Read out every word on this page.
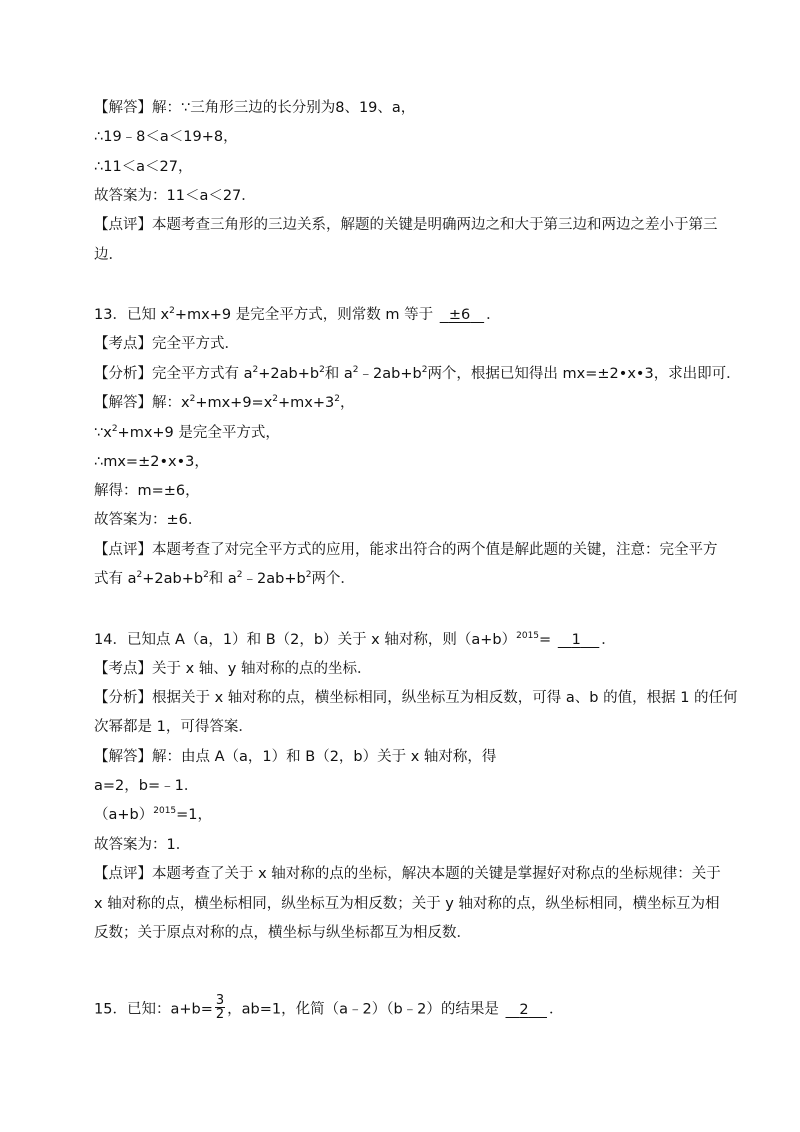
【解答】解：∵三角形三边的长分别为8、19、a，
∴19﹣8＜a＜19+8，
∴11＜a＜27，
故答案为：11＜a＜27．
【点评】本题考查三角形的三边关系，解题的关键是明确两边之和大于第三边和两边之差小于第三
边．
13．已知 $x^2+mx+9$ 是完全平方式，则常数 m 等于 ±6 ．
【考点】完全平方式．
【分析】完全平方式有 $a^2+2ab+b^2$和 $a^2﹣2ab+b^2$两个，根据已知得出 mx=±2•x•3，求出即可．
【解答】解：$x^2+mx+9=x^2+mx+3^2$，
$\because x^2+mx+9$ 是完全平方式，
∴mx=±2•x•3，
解得：m=±6，
故答案为：±6．
【点评】本题考查了对完全平方式的应用，能求出符合的两个值是解此题的关键，注意：完全平方
式有 $a^2+2ab+b^2$和 $a^2﹣2ab+b^2$两个．
14．已知点 A（a，1）和 B（2，b）关于 x 轴对称，则$(a+b)^{2015}= 1$ ．
【考点】关于 x 轴、y 轴对称的点的坐标．
【分析】根据关于 x 轴对称的点，横坐标相同，纵坐标互为相反数，可得 a、b 的值，根据 1 的任何
次幂都是 1，可得答案．
【解答】解：由点 A（a，1）和 B（2，b）关于 x 轴对称，得
a=2，b=﹣1．
$(a+b)^{2015}=1$，
故答案为：1．
【点评】本题考查了关于 x 轴对称的点的坐标，解决本题的关键是掌握好对称点的坐标规律：关于
x 轴对称的点，横坐标相同，纵坐标互为相反数；关于 y 轴对称的点，纵坐标相同，横坐标互为相
反数；关于原点对称的点，横坐标与纵坐标都互为相反数．
15．已知：$a+b= \frac{3}{2}$ ，ab=1，化简（a﹣2）（b﹣2）的结果是 2 ．
